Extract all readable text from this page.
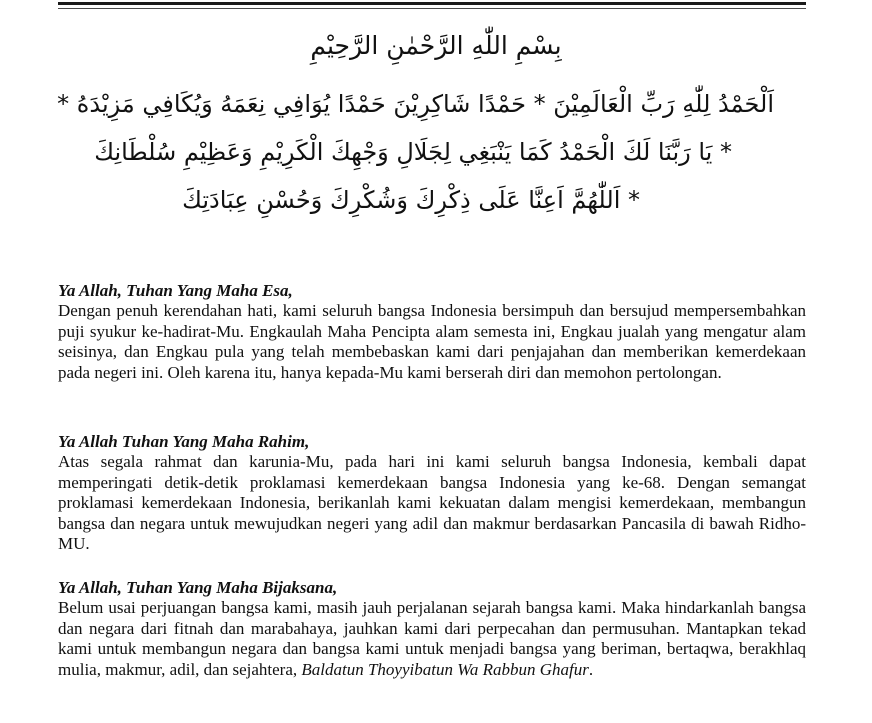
بِسْمِ اللّٰهِ الرَّحْمٰنِ الرَّحِيْمِ
اَلْحَمْدُ لِلّٰهِ رَبِّ الْعَالَمِيْنَ * حَمْدًا شَاكِرِيْنَ حَمْدًا يُوَافِي نِعَمَهُ وَيُكَافِي مَزِيْدَهُ *
* يَا رَبَّنَا لَكَ الْحَمْدُ كَمَا يَنْبَغِي لِجَلَالِ وَجْهِكَ الْكَرِيْمِ وَعَظِيْمِ سُلْطَانِكَ
* اَللّٰهُمَّ اَعِنَّا عَلَى ذِكْرِكَ وَشُكْرِكَ وَحُسْنِ عِبَادَتِكَ

Ya Allah, Tuhan Yang Maha Esa,

Dengan penuh kerendahan hati, kami seluruh bangsa Indonesia bersimpuh dan bersujud mempersembahkan puji syukur ke-hadirat-Mu. Engkaulah Maha Pencipta alam semesta ini, Engkau jualah yang mengatur alam seisinya, dan Engkau pula yang telah membebaskan kami dari penjajahan dan memberikan kemerdekaan pada negeri ini. Oleh karena itu, hanya kepada-Mu kami berserah diri dan memohon pertolongan.

Ya Allah Tuhan Yang Maha Rahim,

Atas segala rahmat dan karunia-Mu, pada hari ini kami seluruh bangsa Indonesia, kembali dapat memperingati detik-detik proklamasi kemerdekaan bangsa Indonesia yang ke-68. Dengan semangat proklamasi kemerdekaan Indonesia, berikanlah kami kekuatan dalam mengisi kemerdekaan, membangun bangsa dan negara untuk mewujudkan negeri yang adil dan makmur berdasarkan Pancasila di bawah Ridho-MU.

Ya Allah, Tuhan Yang Maha Bijaksana,

Belum usai perjuangan bangsa kami, masih jauh perjalanan sejarah bangsa kami. Maka hindarkanlah bangsa dan negara dari fitnah dan marabahaya, jauhkan kami dari perpecahan dan permusuhan. Mantapkan tekad kami untuk membangun negara dan bangsa kami untuk menjadi bangsa yang beriman, bertaqwa, berakhlaq mulia, makmur, adil, dan sejahtera, Baldatun Thoyyibatun Wa Rabbun Ghafur.
